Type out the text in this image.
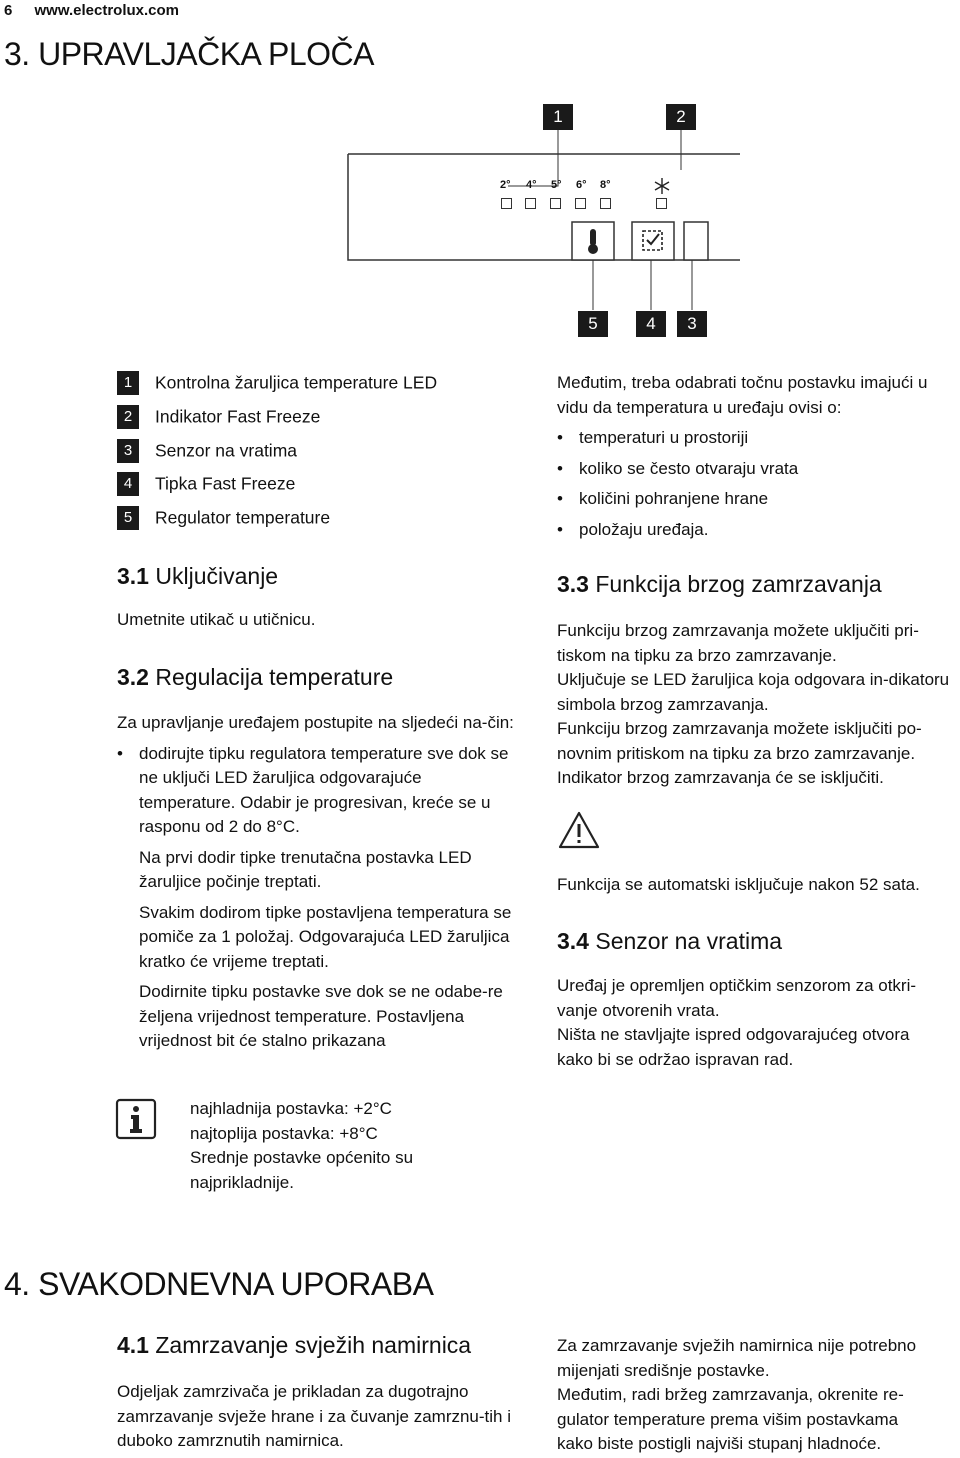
6 www.electrolux.com
3. UPRAVLJAČKA PLOČA
1	2
2° 4° 5° 6° 8°
5	4	3
1 Kontrolna žaruljica temperature LED
2 Indikator Fast Freeze
3 Senzor na vratima
4 Tipka Fast Freeze
5 Regulator temperature
3.1 Uključivanje
Umetnite utikač u utičnicu.
3.2 Regulacija temperature

Za upravljanje uređajem postupite na sljedeći na-čin:

• dodirujte tipku regulatora temperature sve dok se ne uključi LED žaruljica odgovarajuće temperature. Odabir je progresivan, kreće se u rasponu od 2 do 8°C.

Na prvi dodir tipke trenutačna postavka LED žaruljice počinje treptati.

Svakim dodirom tipke postavljena temperatura se pomiče za 1 položaj. Odgovarajuća LED žaruljica kratko će vrijeme treptati.

Dodirnite tipku postavke sve dok se ne odabe-re željena vrijednost temperature. Postavljena vrijednost bit će stalno prikazana

najhladnija postavka: +2°C
najtoplija postavka: +8°C
Srednje postavke općenito su
najprikladnije.

Međutim, treba odabrati točnu postavku imajući u vidu da temperatura u uređaju ovisi o:

• temperaturi u prostoriji
• koliko se često otvaraju vrata
• količini pohranjene hrane
• položaju uređaja.
3.3 Funkcija brzog zamrzavanja

Funkciju brzog zamrzavanja možete uključiti pri-tiskom na tipku za brzo zamrzavanje.

Uključuje se LED žaruljica koja odgovara in-dikatoru simbola brzog zamrzavanja.

Funkciju brzog zamrzavanja možete isključiti po-novnim pritiskom na tipku za brzo zamrzavanje.

Indikator brzog zamrzavanja će se isključiti.

Funkcija se automatski isključuje nakon 52 sata.
3.4 Senzor na vratima

Uređaj je opremljen optičkim senzorom za otkri-vanje otvorenih vrata.

Ništa ne stavljajte ispred odgovarajućeg otvora kako bi se održao ispravan rad.

4. SVAKODNEVNA UPORABA
4.1 Zamrzavanje svježih namirnica
Odjeljak zamrzivača je prikladan za dugotrajno zamrzavanje svježe hrane i za čuvanje zamrznu-tih i duboko zamrznutih namirnica.

Za zamrzavanje svježih namirnica nije potrebno mijenjati središnje postavke.

Međutim, radi bržeg zamrzavanja, okrenite re-gulator temperature prema višim postavkama kako biste postigli najviši stupanj hladnoće.
